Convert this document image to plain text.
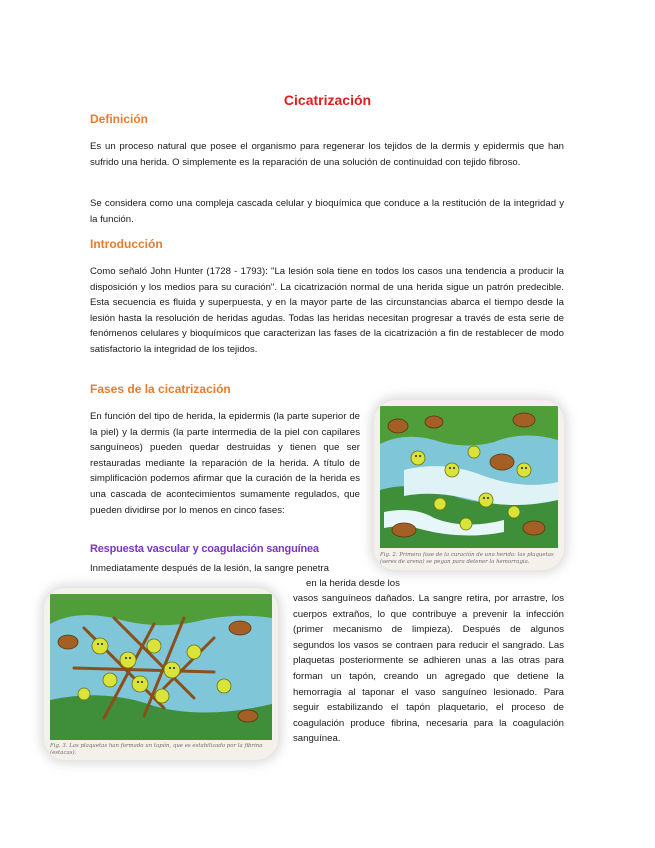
Cicatrización
Definición

Es un proceso natural que posee el organismo para regenerar los tejidos de la dermis y epidermis que han sufrido una herida. O simplemente es la reparación de una solución de continuidad con tejido fibroso.

Se considera como una compleja cascada celular y bioquímica que conduce a la restitución de la integridad y la función.

Introducción

Como señaló John Hunter (1728 - 1793): "La lesión sola tiene en todos los casos una tendencia a producir la disposición y los medios para su curación". La cicatrización normal de una herida sigue un patrón predecible. Esta secuencia es fluida y superpuesta, y en la mayor parte de las circunstancias abarca el tiempo desde la lesión hasta la resolución de heridas agudas. Todas las heridas necesitan progresar a través de esta serie de fenómenos celulares y bioquímicos que caracterizan las fases de la cicatrización a fin de restablecer de modo satisfactorio la integridad de los tejidos.

Fases de la cicatrización

En función del tipo de herida, la epidermis (la parte superior de la piel) y la dermis (la parte intermedia de la piel con capilares sanguíneos) pueden quedar destruidas y tienen que ser restauradas mediante la reparación de la herida. A título de simplificación podemos afirmar que la curación de la herida es una cascada de acontecimientos sumamente regulados, que pueden dividirse por lo menos en cinco fases:

Fig. 2. Primera fase de la curación de una herida: las plaquetas (seres de arena) se pegan para detener la hemorragia.
Respuesta vascular y coagulación sanguínea

Inmediatamente después de la lesión, la sangre penetra

en la herida desde los

vasos sanguíneos dañados. La sangre retira, por arrastre, los cuerpos extraños, lo que contribuye a prevenir la infección (primer mecanismo de limpieza). Después de algunos segundos los vasos se contraen para reducir el sangrado. Las plaquetas posteriormente se adhieren unas a las otras para forman un tapón, creando un agregado que detiene la hemorragia al taponar el vaso sanguíneo lesionado. Para seguir estabilizando el tapón plaquetario, el proceso de coagulación produce fibrina, necesaria para la coagulación sanguínea.

Fig. 3. Las plaquetas han formado un tapón, que es estabilizado por la fibrina (estacas).
